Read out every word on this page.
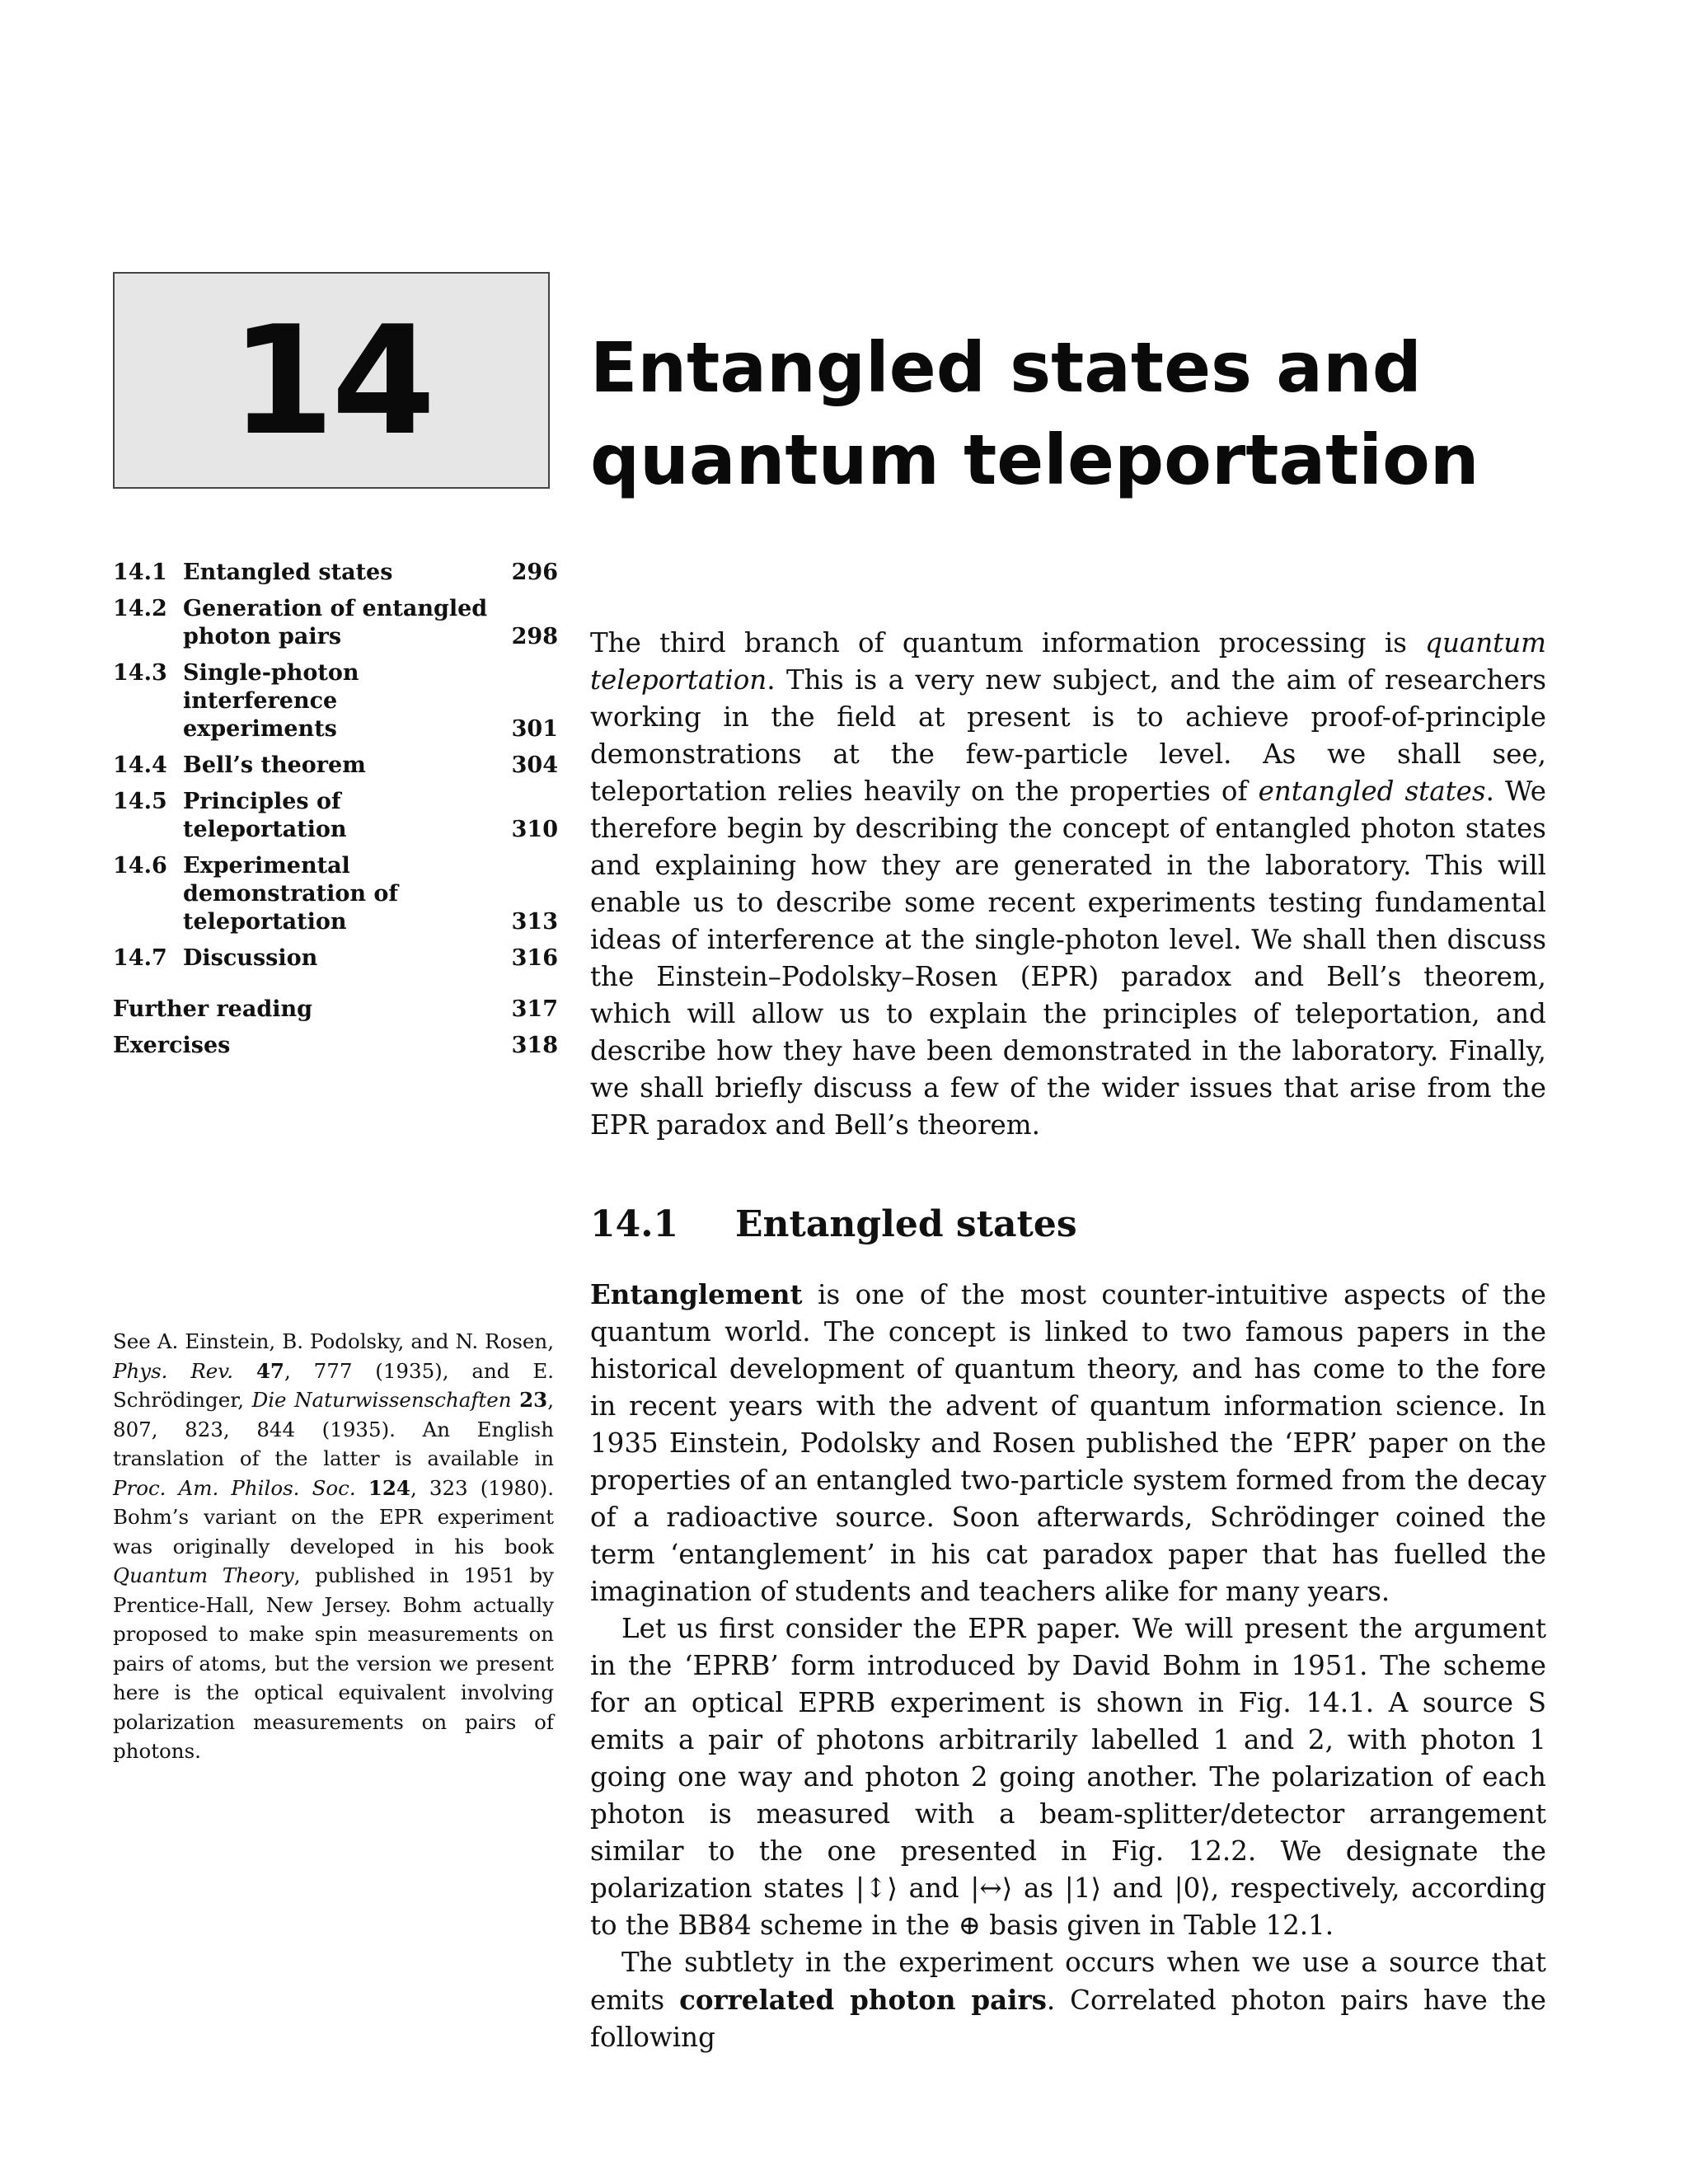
14	Entangled states and
quantum teleportation
14.1 Entangled states	296
14.2 Generation of entangled photon pairs	298
14.3 Single-photon interference experiments	301
14.4 Bell’s theorem	304
14.5 Principles of teleportation	310
14.6 Experimental demonstration of teleportation	313
14.7 Discussion	316
Further reading	317
Exercises	318
See A. Einstein, B. Podolsky, and N. Rosen, Phys. Rev. 47, 777 (1935), and E. Schrödinger, Die Naturwissenschaften 23, 807, 823, 844 (1935). An English translation of the latter is available in Proc. Am. Philos. Soc. 124, 323 (1980). Bohm’s variant on the EPR experiment was originally developed in his book Quantum Theory, published in 1951 by Prentice-Hall, New Jersey. Bohm actually proposed to make spin measurements on pairs of atoms, but the version we present here is the optical equivalent involving polarization measurements on pairs of photons.

The third branch of quantum information processing is quantum teleportation. This is a very new subject, and the aim of researchers working in the field at present is to achieve proof-of-principle demonstrations at the few-particle level. As we shall see, teleportation relies heavily on the properties of entangled states. We therefore begin by describing the concept of entangled photon states and explaining how they are generated in the laboratory. This will enable us to describe some recent experiments testing fundamental ideas of interference at the single-photon level. We shall then discuss the Einstein–Podolsky–Rosen (EPR) paradox and Bell’s theorem, which will allow us to explain the principles of teleportation, and describe how they have been demonstrated in the laboratory. Finally, we shall briefly discuss a few of the wider issues that arise from the EPR paradox and Bell’s theorem.

14.1 Entangled states

Entanglement is one of the most counter-intuitive aspects of the quantum world. The concept is linked to two famous papers in the historical development of quantum theory, and has come to the fore in recent years with the advent of quantum information science. In 1935 Einstein, Podolsky and Rosen published the ‘EPR’ paper on the properties of an entangled two-particle system formed from the decay of a radioactive source. Soon afterwards, Schrödinger coined the term ‘entanglement’ in his cat paradox paper that has fuelled the imagination of students and teachers alike for many years.

Let us first consider the EPR paper. We will present the argument in the ‘EPRB’ form introduced by David Bohm in 1951. The scheme for an optical EPRB experiment is shown in Fig. 14.1. A source S emits a pair of photons arbitrarily labelled 1 and 2, with photon 1 going one way and photon 2 going another. The polarization of each photon is measured with a beam-splitter/detector arrangement similar to the one presented in Fig. 12.2. We designate the polarization states |↕⟩ and |↔⟩ as |1⟩ and |0⟩, respectively, according to the BB84 scheme in the ⊕ basis given in Table 12.1.

The subtlety in the experiment occurs when we use a source that emits correlated photon pairs. Correlated photon pairs have the following
